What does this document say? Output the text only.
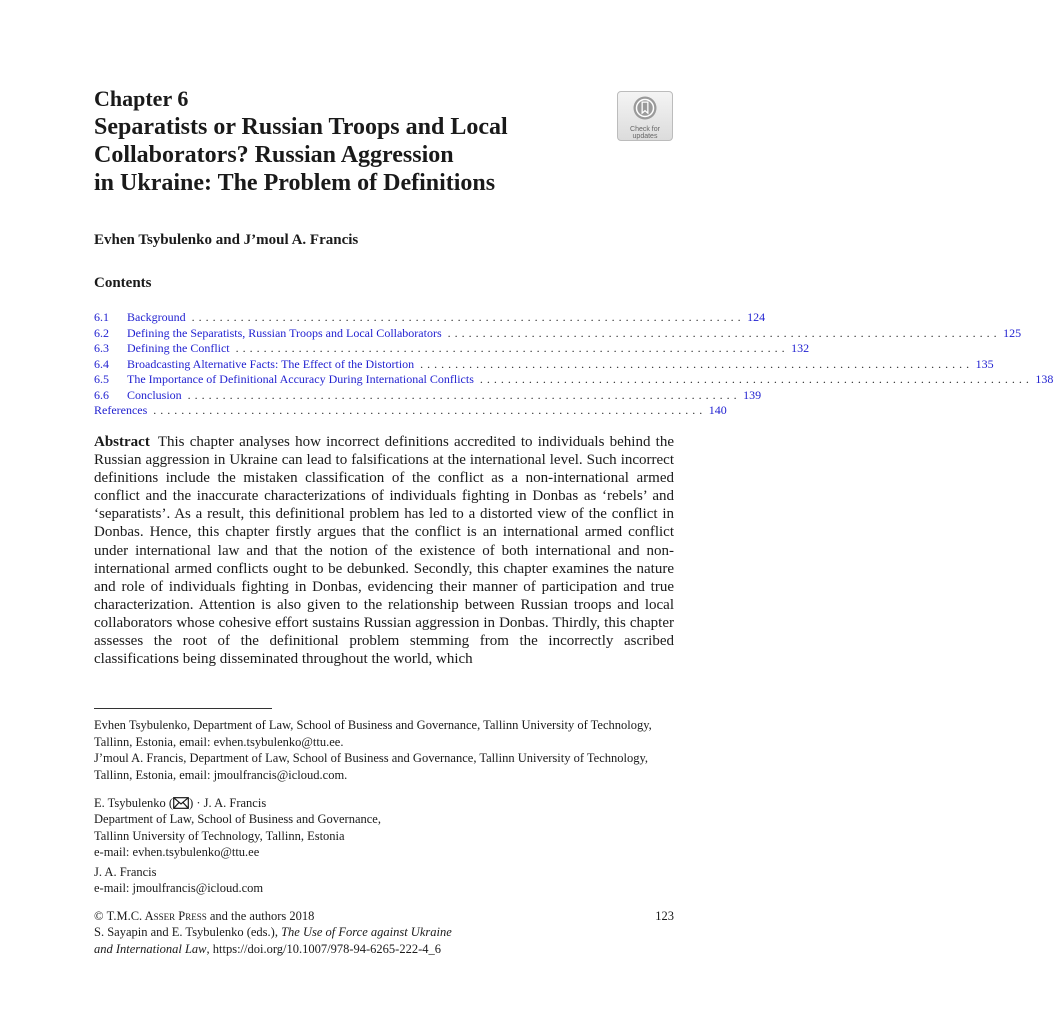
Chapter 6
Separatists or Russian Troops and Local
Collaborators? Russian Aggression
in Ukraine: The Problem of Definitions
Check for
updates
Evhen Tsybulenko and J’moul A. Francis
Contents
6.1	Background . . . . . . . . . . . . . . . . . . . . . . . . . . . . . . . . . . . . . . . . . . . . . . . . . . . . . . . . . . . . . . . . . . . . . . . . . . . . . . . 124
6.2	Defining the Separatists, Russian Troops and Local Collaborators . . . . . . . . . . . . . . . . . . . . . . . . . . . . . . . . . . . . . . . . . . . . . . . . . . . . . . . . . . . . . . . . . . . . . . . . . . . . . . . 125
6.3	Defining the Conflict . . . . . . . . . . . . . . . . . . . . . . . . . . . . . . . . . . . . . . . . . . . . . . . . . . . . . . . . . . . . . . . . . . . . . . . . . . . . . . . 132
6.4	Broadcasting Alternative Facts: The Effect of the Distortion . . . . . . . . . . . . . . . . . . . . . . . . . . . . . . . . . . . . . . . . . . . . . . . . . . . . . . . . . . . . . . . . . . . . . . . . . . . . . . . 135
6.5	The Importance of Definitional Accuracy During International Conflicts . . . . . . . . . . . . . . . . . . . . . . . . . . . . . . . . . . . . . . . . . . . . . . . . . . . . . . . . . . . . . . . . . . . . . . . . . . . . . . . 138
6.6	Conclusion . . . . . . . . . . . . . . . . . . . . . . . . . . . . . . . . . . . . . . . . . . . . . . . . . . . . . . . . . . . . . . . . . . . . . . . . . . . . . . . 139
References . . . . . . . . . . . . . . . . . . . . . . . . . . . . . . . . . . . . . . . . . . . . . . . . . . . . . . . . . . . . . . . . . . . . . . . . . . . . . . . 140

Abstract This chapter analyses how incorrect definitions accredited to individuals behind the Russian aggression in Ukraine can lead to falsifications at the international level. Such incorrect definitions include the mistaken classification of the conflict as a non-international armed conflict and the inaccurate characterizations of individuals fighting in Donbas as ‘rebels’ and ‘separatists’. As a result, this definitional problem has led to a distorted view of the conflict in Donbas. Hence, this chapter firstly argues that the conflict is an international armed conflict under international law and that the notion of the existence of both international and non-international armed conflicts ought to be debunked. Secondly, this chapter examines the nature and role of individuals fighting in Donbas, evidencing their manner of participation and true characterization. Attention is also given to the relationship between Russian troops and local collaborators whose cohesive effort sustains Russian aggression in Donbas. Thirdly, this chapter assesses the root of the definitional problem stemming from the incorrectly ascribed classifications being disseminated throughout the world, which

Evhen Tsybulenko, Department of Law, School of Business and Governance, Tallinn University of Technology, Tallinn, Estonia, email: evhen.tsybulenko@ttu.ee.
J’moul A. Francis, Department of Law, School of Business and Governance, Tallinn University of Technology, Tallinn, Estonia, email: jmoulfrancis@icloud.com.

E. Tsybulenko ( ) · J. A. Francis
Department of Law, School of Business and Governance,
Tallinn University of Technology, Tallinn, Estonia
e-mail: evhen.tsybulenko@ttu.ee
J. A. Francis
e-mail: jmoulfrancis@icloud.com
© T.M.C. Asser Press and the authors 2018
S. Sayapin and E. Tsybulenko (eds.), The Use of Force against Ukraine
and International Law, https://doi.org/10.1007/978-94-6265-222-4_6
123
